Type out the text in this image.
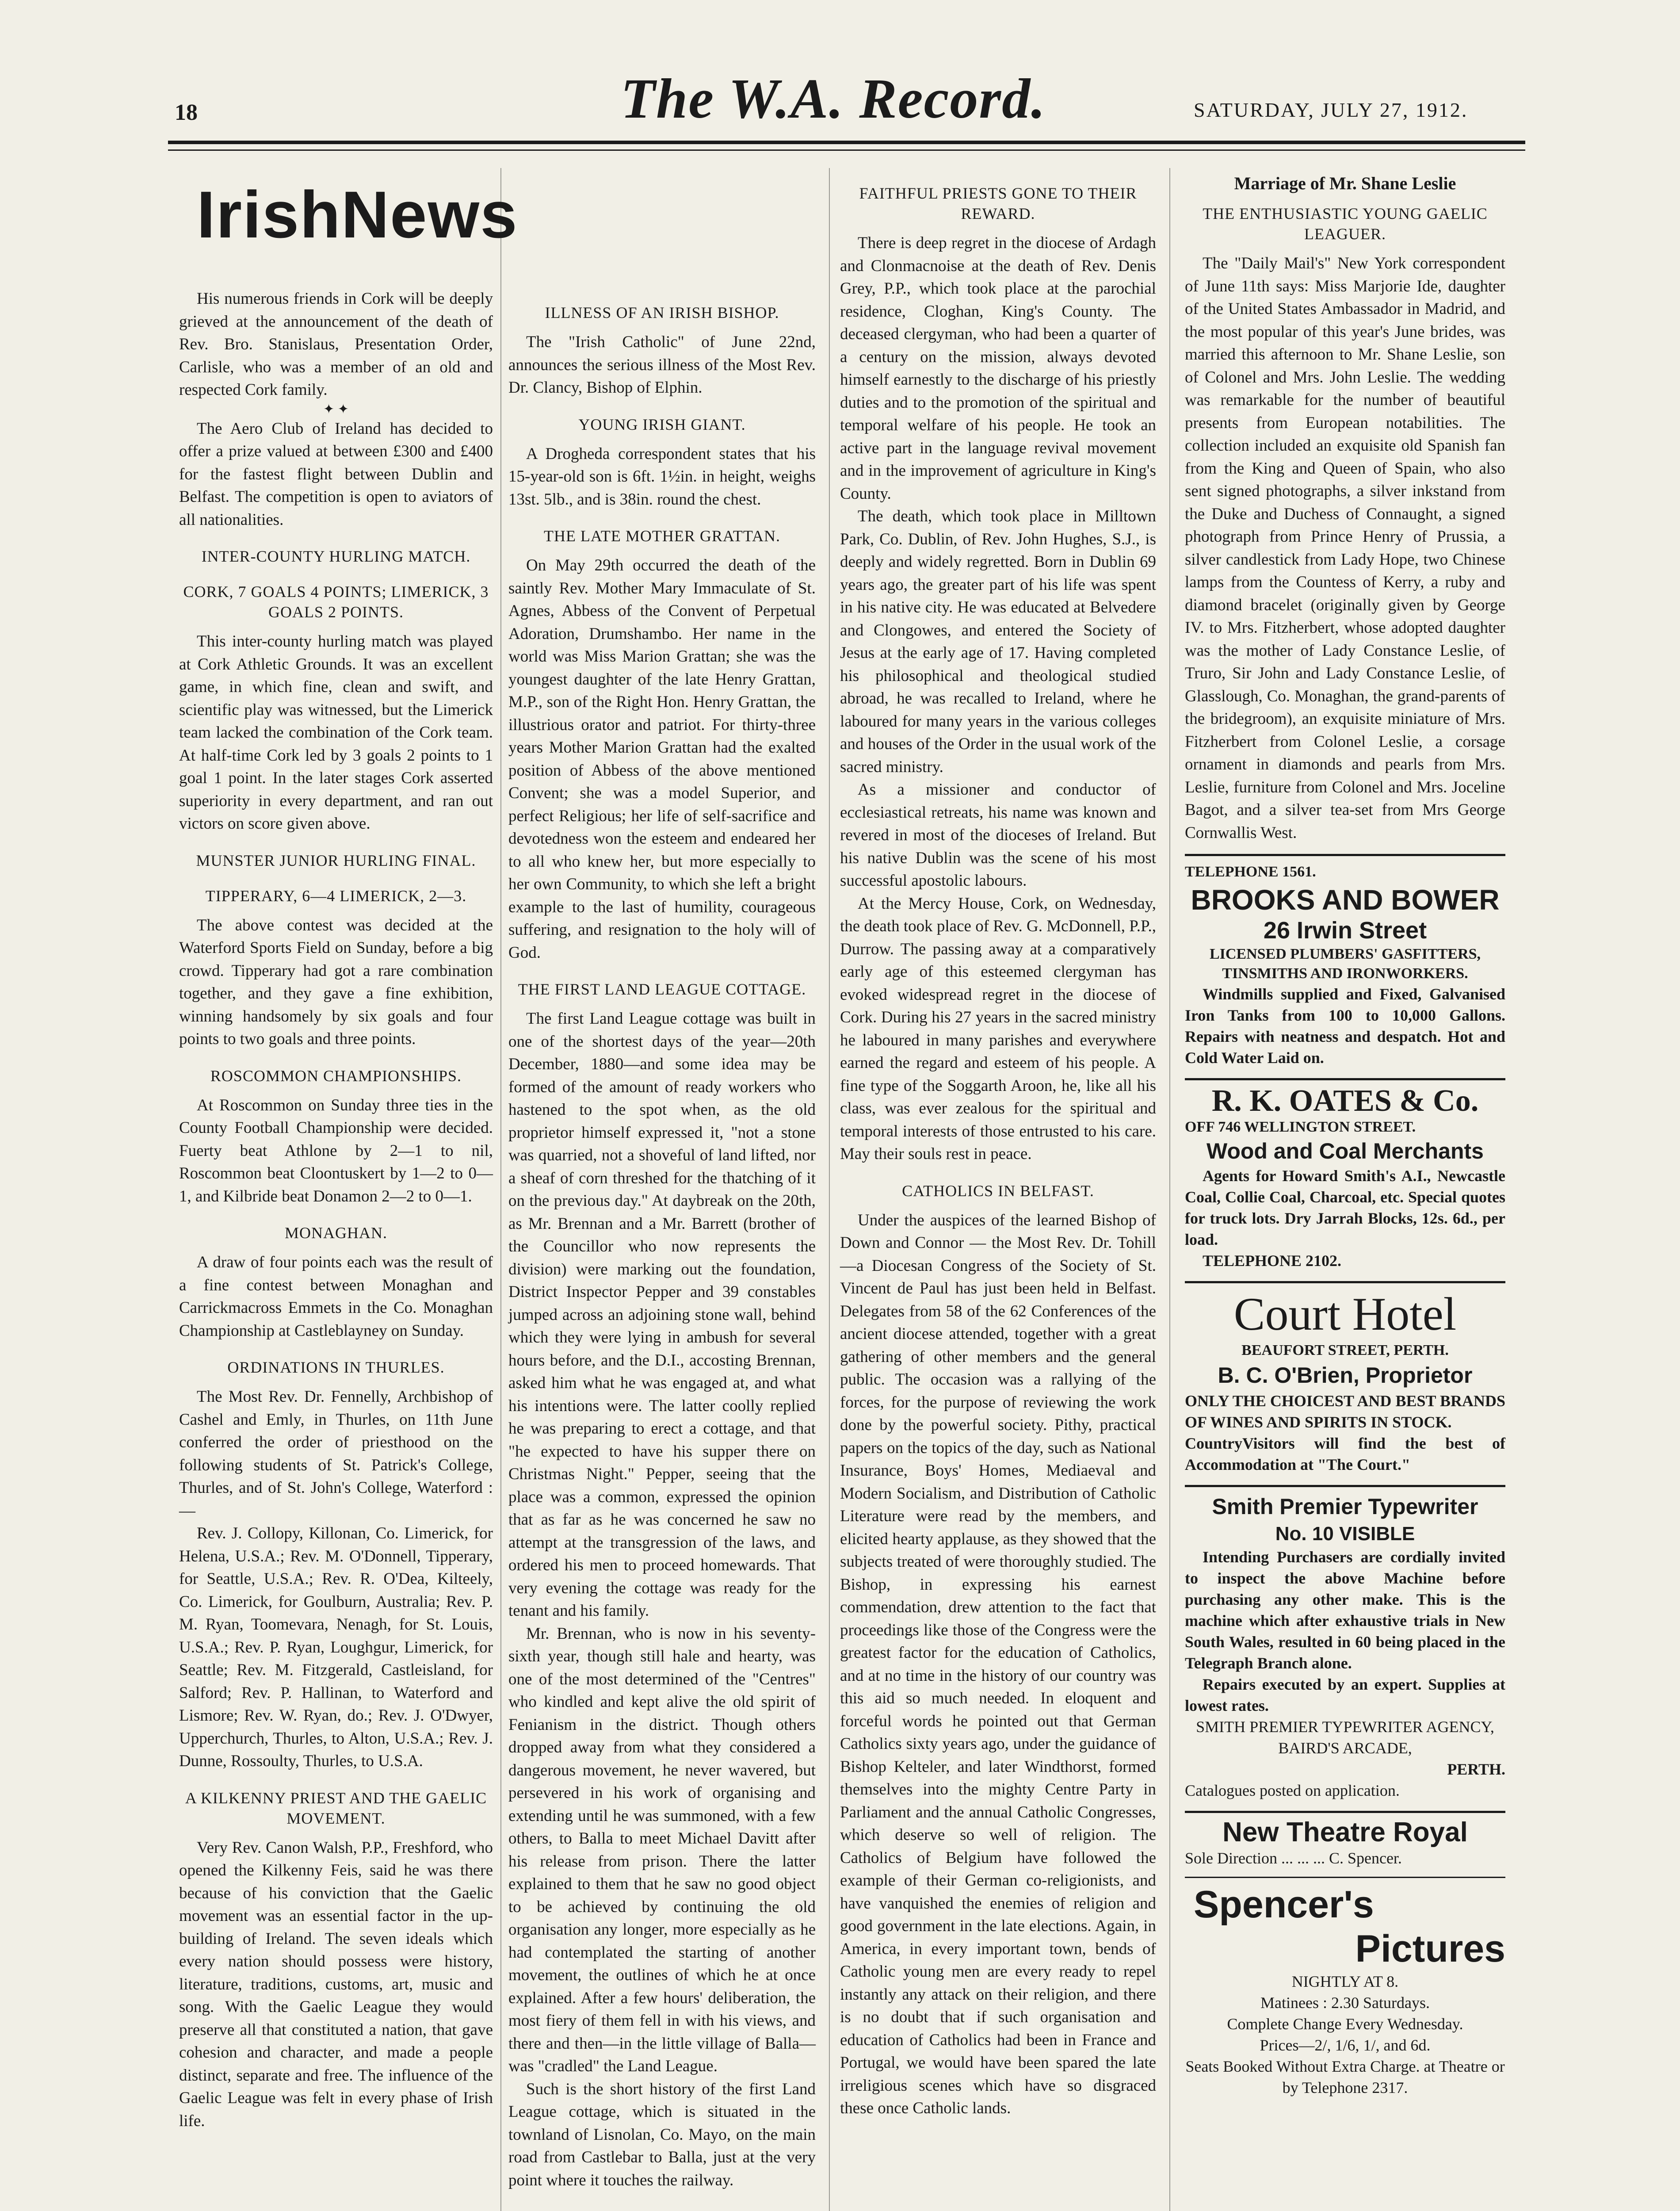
18	The W.A. Record.	SATURDAY, JULY 27, 1912.
Irish News

His numerous friends in Cork will be deeply grieved at the announcement of the death of Rev. Bro. Stanislaus, Presentation Order, Carlisle, who was a member of an old and respected Cork family.

✦ ✦

The Aero Club of Ireland has decided to offer a prize valued at between £300 and £400 for the fastest flight between Dublin and Belfast. The competition is open to aviators of all nationalities.

INTER-COUNTY HURLING MATCH.
CORK, 7 GOALS 4 POINTS; LIMERICK, 3 GOALS 2 POINTS.

This inter-county hurling match was played at Cork Athletic Grounds. It was an excellent game, in which fine, clean and swift, and scientific play was witnessed, but the Limerick team lacked the combination of the Cork team. At half-time Cork led by 3 goals 2 points to 1 goal 1 point. In the later stages Cork asserted superiority in every department, and ran out victors on score given above.

MUNSTER JUNIOR HURLING FINAL.
TIPPERARY, 6—4 LIMERICK, 2—3.

The above contest was decided at the Waterford Sports Field on Sunday, before a big crowd. Tipperary had got a rare combination together, and they gave a fine exhibition, winning handsomely by six goals and four points to two goals and three points.

ROSCOMMON CHAMPIONSHIPS.

At Roscommon on Sunday three ties in the County Football Championship were decided. Fuerty beat Athlone by 2—1 to nil, Roscommon beat Cloontuskert by 1—2 to 0—1, and Kilbride beat Donamon 2—2 to 0—1.

MONAGHAN.

A draw of four points each was the result of a fine contest between Monaghan and Carrickmacross Emmets in the Co. Monaghan Championship at Castleblayney on Sunday.

ORDINATIONS IN THURLES.

The Most Rev. Dr. Fennelly, Archbishop of Cashel and Emly, in Thurles, on 11th June conferred the order of priesthood on the following students of St. Patrick's College, Thurles, and of St. John's College, Waterford :—

Rev. J. Collopy, Killonan, Co. Limerick, for Helena, U.S.A.; Rev. M. O'Donnell, Tipperary, for Seattle, U.S.A.; Rev. R. O'Dea, Kilteely, Co. Limerick, for Goulburn, Australia; Rev. P. M. Ryan, Toomevara, Nenagh, for St. Louis, U.S.A.; Rev. P. Ryan, Loughgur, Limerick, for Seattle; Rev. M. Fitzgerald, Castleisland, for Salford; Rev. P. Hallinan, to Waterford and Lismore; Rev. W. Ryan, do.; Rev. J. O'Dwyer, Upperchurch, Thurles, to Alton, U.S.A.; Rev. J. Dunne, Rossoulty, Thurles, to U.S.A.

A KILKENNY PRIEST AND THE GAELIC MOVEMENT.

Very Rev. Canon Walsh, P.P., Freshford, who opened the Kilkenny Feis, said he was there because of his conviction that the Gaelic movement was an essential factor in the up-building of Ireland. The seven ideals which every nation should possess were history, literature, traditions, customs, art, music and song. With the Gaelic League they would preserve all that constituted a nation, that gave cohesion and character, and made a people distinct, separate and free. The influence of the Gaelic League was felt in every phase of Irish life.

ILLNESS OF AN IRISH BISHOP.

The "Irish Catholic" of June 22nd, announces the serious illness of the Most Rev. Dr. Clancy, Bishop of Elphin.

YOUNG IRISH GIANT.

A Drogheda correspondent states that his 15-year-old son is 6ft. 1½in. in height, weighs 13st. 5lb., and is 38in. round the chest.

THE LATE MOTHER GRATTAN.

On May 29th occurred the death of the saintly Rev. Mother Mary Immaculate of St. Agnes, Abbess of the Convent of Perpetual Adoration, Drumshambo. Her name in the world was Miss Marion Grattan; she was the youngest daughter of the late Henry Grattan, M.P., son of the Right Hon. Henry Grattan, the illustrious orator and patriot. For thirty-three years Mother Marion Grattan had the exalted position of Abbess of the above mentioned Convent; she was a model Superior, and perfect Religious; her life of self-sacrifice and devotedness won the esteem and endeared her to all who knew her, but more especially to her own Community, to which she left a bright example to the last of humility, courageous suffering, and resignation to the holy will of God.

THE FIRST LAND LEAGUE COTTAGE.

The first Land League cottage was built in one of the shortest days of the year—20th December, 1880—and some idea may be formed of the amount of ready workers who hastened to the spot when, as the old proprietor himself expressed it, "not a stone was quarried, not a shoveful of land lifted, nor a sheaf of corn threshed for the thatching of it on the previous day." At daybreak on the 20th, as Mr. Brennan and a Mr. Barrett (brother of the Councillor who now represents the division) were marking out the foundation, District Inspector Pepper and 39 constables jumped across an adjoining stone wall, behind which they were lying in ambush for several hours before, and the D.I., accosting Brennan, asked him what he was engaged at, and what his intentions were. The latter coolly replied he was preparing to erect a cottage, and that "he expected to have his supper there on Christmas Night." Pepper, seeing that the place was a common, expressed the opinion that as far as he was concerned he saw no attempt at the transgression of the laws, and ordered his men to proceed homewards. That very evening the cottage was ready for the tenant and his family.

Mr. Brennan, who is now in his seventy-sixth year, though still hale and hearty, was one of the most determined of the "Centres" who kindled and kept alive the old spirit of Fenianism in the district. Though others dropped away from what they considered a dangerous movement, he never wavered, but persevered in his work of organising and extending until he was summoned, with a few others, to Balla to meet Michael Davitt after his release from prison. There the latter explained to them that he saw no good object to be achieved by continuing the old organisation any longer, more especially as he had contemplated the starting of another movement, the outlines of which he at once explained. After a few hours' deliberation, the most fiery of them fell in with his views, and there and then—in the little village of Balla—was "cradled" the Land League.

Such is the short history of the first Land League cottage, which is situated in the townland of Lisnolan, Co. Mayo, on the main road from Castlebar to Balla, just at the very point where it touches the railway.

FAITHFUL PRIESTS GONE TO THEIR REWARD.

There is deep regret in the diocese of Ardagh and Clonmacnoise at the death of Rev. Denis Grey, P.P., which took place at the parochial residence, Cloghan, King's County. The deceased clergyman, who had been a quarter of a century on the mission, always devoted himself earnestly to the discharge of his priestly duties and to the promotion of the spiritual and temporal welfare of his people. He took an active part in the language revival movement and in the improvement of agriculture in King's County.

The death, which took place in Milltown Park, Co. Dublin, of Rev. John Hughes, S.J., is deeply and widely regretted. Born in Dublin 69 years ago, the greater part of his life was spent in his native city. He was educated at Belvedere and Clongowes, and entered the Society of Jesus at the early age of 17. Having completed his philosophical and theological studied abroad, he was recalled to Ireland, where he laboured for many years in the various colleges and houses of the Order in the usual work of the sacred ministry.

As a missioner and conductor of ecclesiastical retreats, his name was known and revered in most of the dioceses of Ireland. But his native Dublin was the scene of his most successful apostolic labours.

At the Mercy House, Cork, on Wednesday, the death took place of Rev. G. McDonnell, P.P., Durrow. The passing away at a comparatively early age of this esteemed clergyman has evoked widespread regret in the diocese of Cork. During his 27 years in the sacred ministry he laboured in many parishes and everywhere earned the regard and esteem of his people. A fine type of the Soggarth Aroon, he, like all his class, was ever zealous for the spiritual and temporal interests of those entrusted to his care. May their souls rest in peace.

CATHOLICS IN BELFAST.

Under the auspices of the learned Bishop of Down and Connor — the Most Rev. Dr. Tohill—a Diocesan Congress of the Society of St. Vincent de Paul has just been held in Belfast. Delegates from 58 of the 62 Conferences of the ancient diocese attended, together with a great gathering of other members and the general public. The occasion was a rallying of the forces, for the purpose of reviewing the work done by the powerful society. Pithy, practical papers on the topics of the day, such as National Insurance, Boys' Homes, Mediaeval and Modern Socialism, and Distribution of Catholic Literature were read by the members, and elicited hearty applause, as they showed that the subjects treated of were thoroughly studied. The Bishop, in expressing his earnest commendation, drew attention to the fact that proceedings like those of the Congress were the greatest factor for the education of Catholics, and at no time in the history of our country was this aid so much needed. In eloquent and forceful words he pointed out that German Catholics sixty years ago, under the guidance of Bishop Kelteler, and later Windthorst, formed themselves into the mighty Centre Party in Parliament and the annual Catholic Congresses, which deserve so well of religion. The Catholics of Belgium have followed the example of their German co-religionists, and have vanquished the enemies of religion and good government in the late elections. Again, in America, in every important town, bends of Catholic young men are every ready to repel instantly any attack on their religion, and there is no doubt that if such organisation and education of Catholics had been in France and Portugal, we would have been spared the late irreligious scenes which have so disgraced these once Catholic lands.

Marriage of Mr. Shane Leslie
THE ENTHUSIASTIC YOUNG GAELIC LEAGUER.

The "Daily Mail's" New York correspondent of June 11th says: Miss Marjorie Ide, daughter of the United States Ambassador in Madrid, and the most popular of this year's June brides, was married this afternoon to Mr. Shane Leslie, son of Colonel and Mrs. John Leslie. The wedding was remarkable for the number of beautiful presents from European notabilities. The collection included an exquisite old Spanish fan from the King and Queen of Spain, who also sent signed photographs, a silver inkstand from the Duke and Duchess of Connaught, a signed photograph from Prince Henry of Prussia, a silver candlestick from Lady Hope, two Chinese lamps from the Countess of Kerry, a ruby and diamond bracelet (originally given by George IV. to Mrs. Fitzherbert, whose adopted daughter was the mother of Lady Constance Leslie, of Truro, Sir John and Lady Constance Leslie, of Glasslough, Co. Monaghan, the grand-parents of the bridegroom), an exquisite miniature of Mrs. Fitzherbert from Colonel Leslie, a corsage ornament in diamonds and pearls from Mrs. Leslie, furniture from Colonel and Mrs. Joceline Bagot, and a silver tea-set from Mrs George Cornwallis West.

TELEPHONE 1561.
BROOKS AND BOWER
26 Irwin Street
LICENSED PLUMBERS' GASFITTERS, TINSMITHS AND IRONWORKERS.

Windmills supplied and Fixed, Galvanised Iron Tanks from 100 to 10,000 Gallons. Repairs with neatness and despatch. Hot and Cold Water Laid on.

R. K. OATES & Co.
OFF 746 WELLINGTON STREET.
Wood and Coal Merchants

Agents for Howard Smith's A.I., Newcastle Coal, Collie Coal, Charcoal, etc. Special quotes for truck lots. Dry Jarrah Blocks, 12s. 6d., per load.

TELEPHONE 2102.
Court Hotel
BEAUFORT STREET, PERTH.
B. C. O'Brien, Proprietor
ONLY THE CHOICEST AND BEST BRANDS OF WINES AND SPIRITS IN STOCK.
CountryVisitors will find the best of Accommodation at "The Court."
Smith Premier Typewriter
No. 10 VISIBLE

Intending Purchasers are cordially invited to inspect the above Machine before purchasing any other make. This is the machine which after exhaustive trials in New South Wales, resulted in 60 being placed in the Telegraph Branch alone.

Repairs executed by an expert. Supplies at lowest rates.

SMITH PREMIER TYPEWRITER AGENCY,
BAIRD'S ARCADE,
PERTH.
Catalogues posted on application.
New Theatre Royal
Sole Direction ... ... ... C. Spencer.
Spencer's
Pictures
NIGHTLY AT 8.
Matinees : 2.30 Saturdays.
Complete Change Every Wednesday.
Prices—2/, 1/6, 1/, and 6d.
Seats Booked Without Extra Charge. at Theatre or by Telephone 2317.
